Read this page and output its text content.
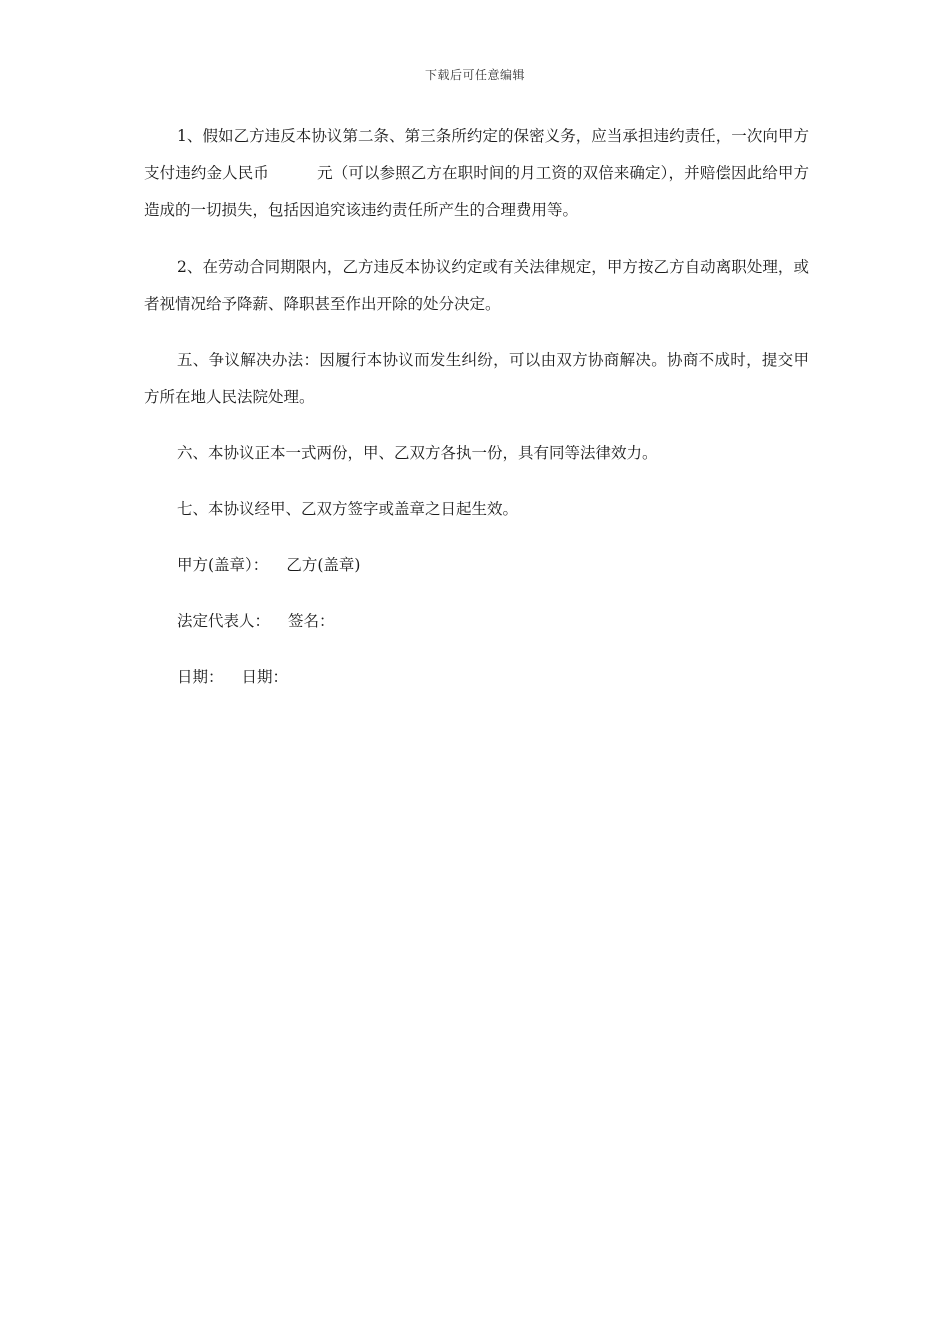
下载后可任意编辑

1、假如乙方违反本协议第二条、第三条所约定的保密义务，应当承担违约责任，一次向甲方支付违约金人民币	元（可以参照乙方在职时间的月工资的双倍来确定），并赔偿因此给甲方造成的一切损失，包括因追究该违约责任所产生的合理费用等。

2、在劳动合同期限内，乙方违反本协议约定或有关法律规定，甲方按乙方自动离职处理，或者视情况给予降薪、降职甚至作出开除的处分决定。

五、争议解决办法：因履行本协议而发生纠纷，可以由双方协商解决。协商不成时，提交甲方所在地人民法院处理。

六、本协议正本一式两份，甲、乙双方各执一份，具有同等法律效力。

七、本协议经甲、乙双方签字或盖章之日起生效。

甲方(盖章）： 乙方(盖章)

法定代表人： 签名：

日期： 日期：
